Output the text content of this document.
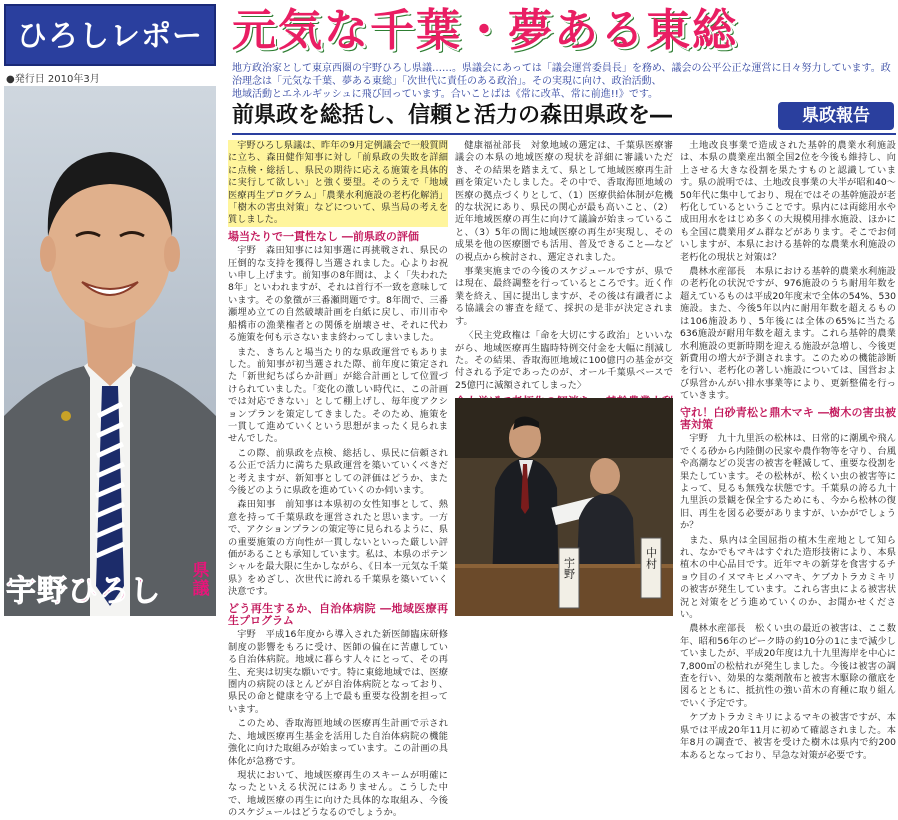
ひろしレポー
●発行日 2010年3月
宇野ひろし
県議
元気な千葉・夢ある東総

地方政治家として東京西圏の宇野ひろし県議……。県議会にあっては「議会運営委員長」を務め、議会の公平公正な運営に日々努力しています。政治理念は「元気な千葉、夢ある東総」「次世代に責任のある政治」。その実現に向け、政治活動、

地域活動とエネルギッシュに飛び回っています。合いことばは《常に改革、常に前進!!》です。

前県政を総括し、信頼と活力の森田県政を―	県政報告

宇野ひろし県議は、昨年の9月定例議会で一般質問に立ち、森田健作知事に対し「前県政の失敗を詳細に点検・総括し、県民の期待に応える施策を具体的に実行して欲しい」と強く要望。そのうえで「地域医療再生プログラム」「農業水利施設の老朽化解消」「樹木の害虫対策」などについて、県当局の考えを質しました。

場当たりで一貫性なし ―前県政の評価

宇野　森田知事には知事選に再挑戦され、県民の圧倒的な支持を獲得し当選されました。心よりお祝い申し上げます。前知事の8年間は、よく「失われた8年」といわれますが、それは首行不一致を意味しています。その象徴が三番瀬問題です。8年間で、三番瀬埋め立ての自然破壊計画を白紙に戻し、市川市や船橋市の漁業権者との関係を崩壊させ、それに代わる施策を何も示さないまま終わってしまいました。

また、きちんと場当たり的な県政運営でもありました。前知事が初当選された際、前年度に策定された「新世紀ちばらか計画」が総合計画として位置づけられていました。「変化の激しい時代に、この計画では対応できない」として棚上げし、毎年度アクションプランを策定してきました。そのため、施策を一貫して進めていくという思想がまったく見られませんでした。

この際、前県政を点検、総括し、県民に信頼される公正で活力に満ちた県政運営を築いていくべきだと考えますが、新知事としての評価はどうか、また今後どのように県政を進めていくのか伺います。

森田知事　前知事は本県初の女性知事として、熱意を持って千葉県政を運営されたと思います。一方で、アクションプランの策定等に見られるように、県の重要施策の方向性が一貫しないといった厳しい評価があることも承知しています。私は、本県のポテンシャルを最大限に生かしながら、《日本一元気な千葉県》をめざし、次世代に誇れる千葉県を築いていく決意です。

どう再生するか、自治体病院 ―地域医療再生プログラム

宇野　平成16年度から導入された新医師臨床研修制度の影響をもろに受け、医師の偏在に苦慮している自治体病院。地域に暮らす人々にとって、その再生、充実は切実な願いです。特に東総地域では、医療圏内の病院のほとんどが自治体病院となっており、県民の命と健康を守る上で最も重要な役割を担っています。

このため、香取海匝地域の医療再生計画で示された、地域医療再生基金を活用した自治体病院の機能強化に向けた取組みが始まっています。この計画の具体化が急務です。

現状において、地域医療再生のスキームが明確になったといえる状況にはありません。こうした中で、地域医療の再生に向けた具体的な取組み、今後のスケジュールはどうなるのでしょうか。

健康福祉部長　対象地域の選定は、千葉県医療審議会の本県の地域医療の現状を詳細に審議いただき、その結果を踏まえて、県として地域医療再生計画を策定いたしました。その中で、香取海匝地域の医療の拠点づくりとして、（1）医療供給体制が危機的な状況にあり、県民の関心が最も高いこと、（2）近年地域医療の再生に向けて議論が始まっていること、（3）5年の間に地域医療の再生が実現し、その成果を他の医療圏でも活用、普及できること―などの視点から検討され、選定されました。

事業実施までの今後のスケジュールですが、県では現在、最終調整を行っているところです。近く作業を終え、国に提出しますが、その後は有識者による協議会の審査を経て、採択の是非が決定されます。

〈民主党政権は「命を大切にする政治」といいながら、地域医療再生臨時特例交付金を大幅に削減した。その結果、香取海匝地域に100億円の基金が交付される予定であったのが、オール千葉県ベースで25億円に減額されてしまった〉

宇野	中村

土地改良事業で造成された基幹的農業水利施設は、本県の農業産出額全国2位を今後も維持し、向上させる大きな役割を果たすものと認識しています。県の説明では、土地改良事業の大半が昭和40〜50年代に集中しており、現在ではその基幹施設が老朽化しているということです。県内には両総用水や成田用水をはじめ多くの大規模用排水施設、ほかにも全国に農業用ダム群などがあります。そこでお伺いしますが、本県における基幹的な農業水利施設の老朽化の現状と対策は？

農林水産部長　本県における基幹的農業水利施設の老朽化の状況ですが、976施設のうち耐用年数を超えているものは平成20年度末で全体の54%、530施設。また、今後5年以内に耐用年数を超えるものは106施設あり、5年後には全体の65%に当たる636施設が耐用年数を超えます。これら基幹的農業水利施設の更新時期を迎える施設が急増し、今後更新費用の増大が予測されます。このための機能診断を行い、老朽化の著しい施設については、国営および県営かんがい排水事業等により、更新整備を行っていきます。

守れ！白砂青松と鼎木マキ ―樹木の害虫被害対策

宇野　九十九里浜の松林は、日常的に潮風や飛んでくる砂から内陸側の民家や農作物等を守り、台風や高潮などの災害の被害を軽減して、重要な役割を果たしています。その松林が、松くい虫の被害等によって、見るも無残な状態です。千葉県の誇る九十九里浜の景観を保全するためにも、今から松林の復旧、再生を図る必要がありますが、いかがでしょうか？

また、県内は全国屈指の植木生産地として知られ、なかでもマキはすぐれた造形技術により、本県植木の中心品目です。近年マキの新芽を食害するチョウ目のイヌマキヒメハマキ、ケブカトラカミキリの被害が発生しています。これら害虫による被害状況と対策をどう進めていくのか、お聞かせください。

農林水産部長　松くい虫の最近の被害は、ここ数年、昭和56年のピーク時の約10分の1にまで減少していましたが、平成20年度は九十九里海岸を中心に7,800㎥の松枯れが発生しました。今後は被害の調査を行い、効果的な薬剤散布と被害木駆除の徹底を図るとともに、抵抗性の強い苗木の育種に取り組んでいく予定です。

ケブカトラカミキリによるマキの被害ですが、本県では平成20年11月に初めて確認されました。本年8月の調査で、被害を受けた樹木は県内で約200本あるとなっており、早急な対策が必要です。
